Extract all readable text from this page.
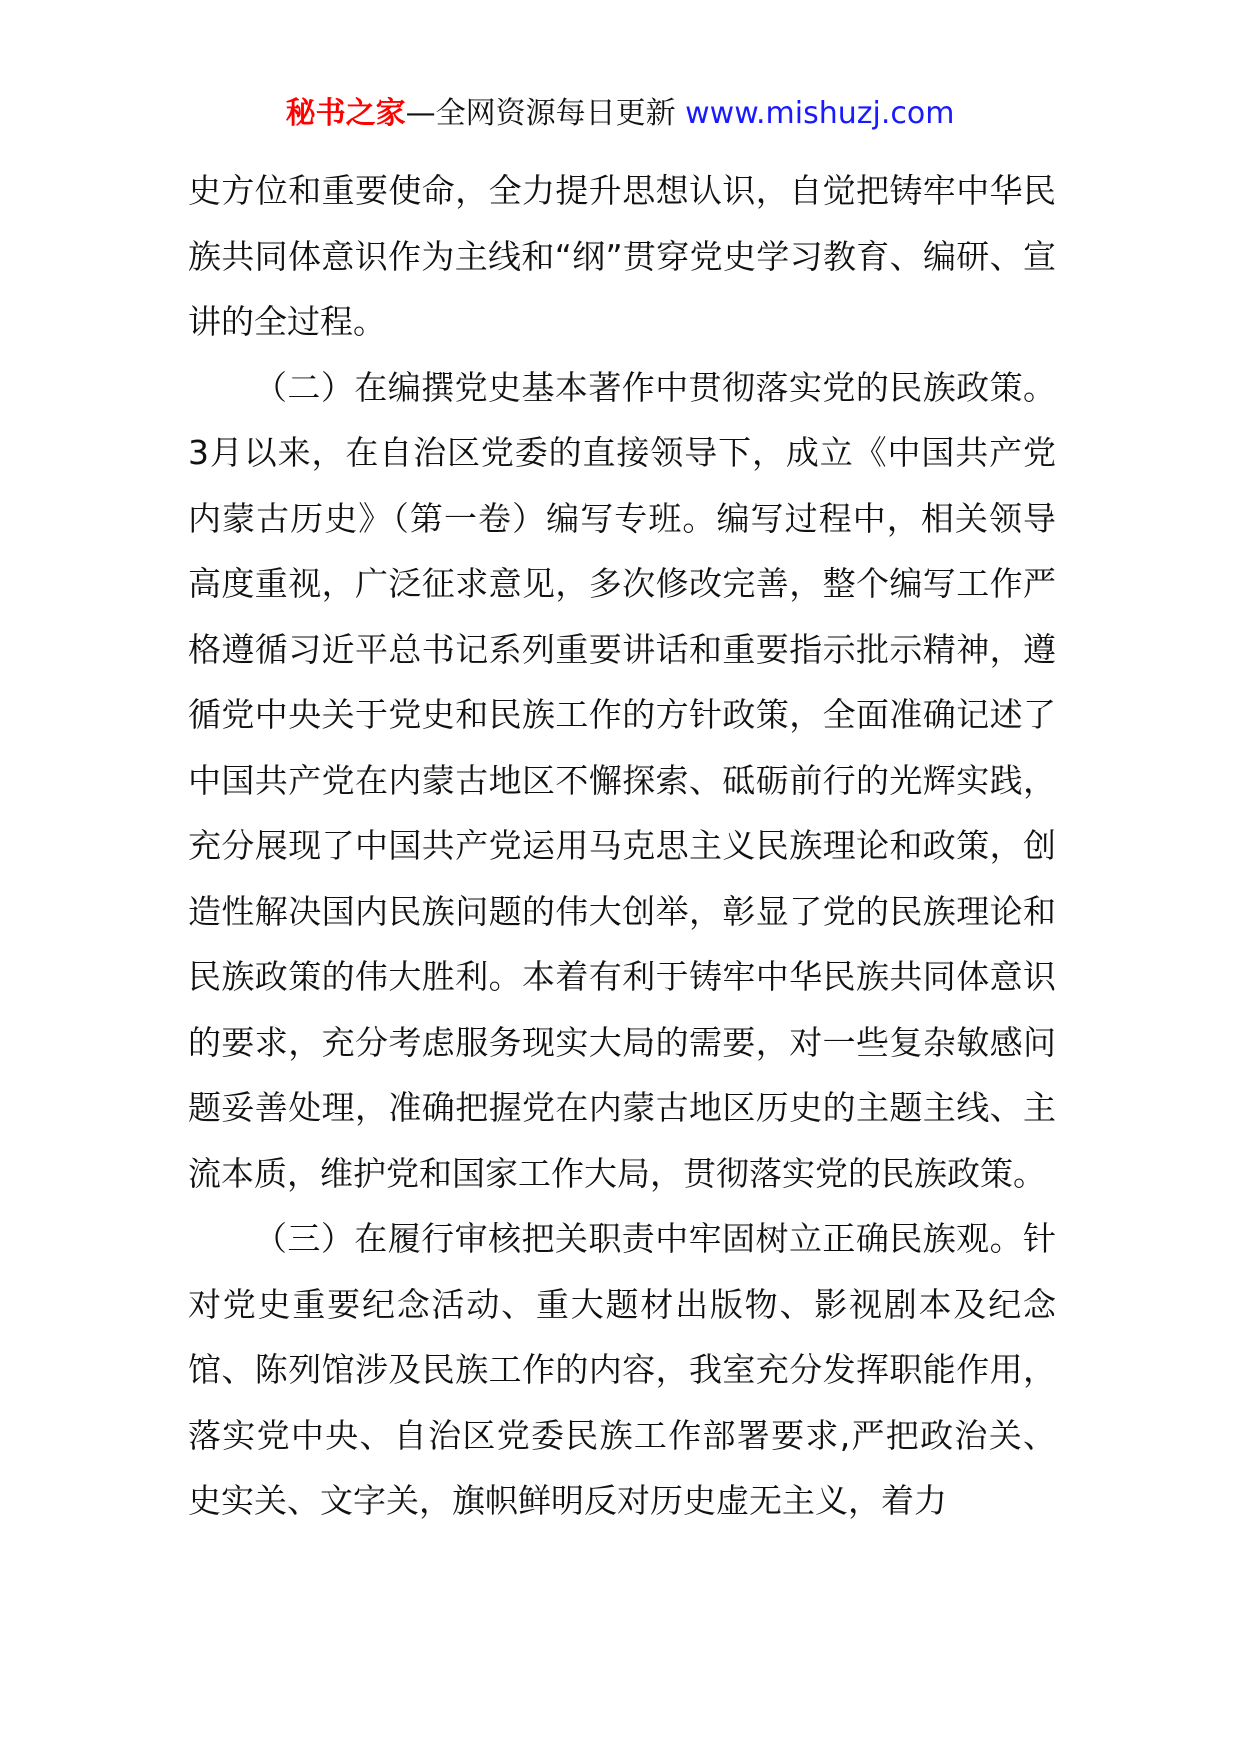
秘书之家—全网资源每日更新 www.mishuzj.com

史方位和重要使命，全力提升思想认识，自觉把铸牢中华民族共同体意识作为主线和“纲”贯穿党史学习教育、编研、宣讲的全过程。

（二）在编撰党史基本著作中贯彻落实党的民族政策。3月以来，在自治区党委的直接领导下，成立《中国共产党内蒙古历史》（第一卷）编写专班。编写过程中，相关领导高度重视，广泛征求意见，多次修改完善，整个编写工作严格遵循习近平总书记系列重要讲话和重要指示批示精神，遵循党中央关于党史和民族工作的方针政策，全面准确记述了中国共产党在内蒙古地区不懈探索、砥砺前行的光辉实践，充分展现了中国共产党运用马克思主义民族理论和政策，创造性解决国内民族问题的伟大创举，彰显了党的民族理论和民族政策的伟大胜利。本着有利于铸牢中华民族共同体意识的要求，充分考虑服务现实大局的需要，对一些复杂敏感问题妥善处理，准确把握党在内蒙古地区历史的主题主线、主流本质，维护党和国家工作大局，贯彻落实党的民族政策。

（三）在履行审核把关职责中牢固树立正确民族观。针对党史重要纪念活动、重大题材出版物、影视剧本及纪念馆、陈列馆涉及民族工作的内容，我室充分发挥职能作用，落实党中央、自治区党委民族工作部署要求,严把政治关、史实关、文字关，旗帜鲜明反对历史虚无主义，着力
